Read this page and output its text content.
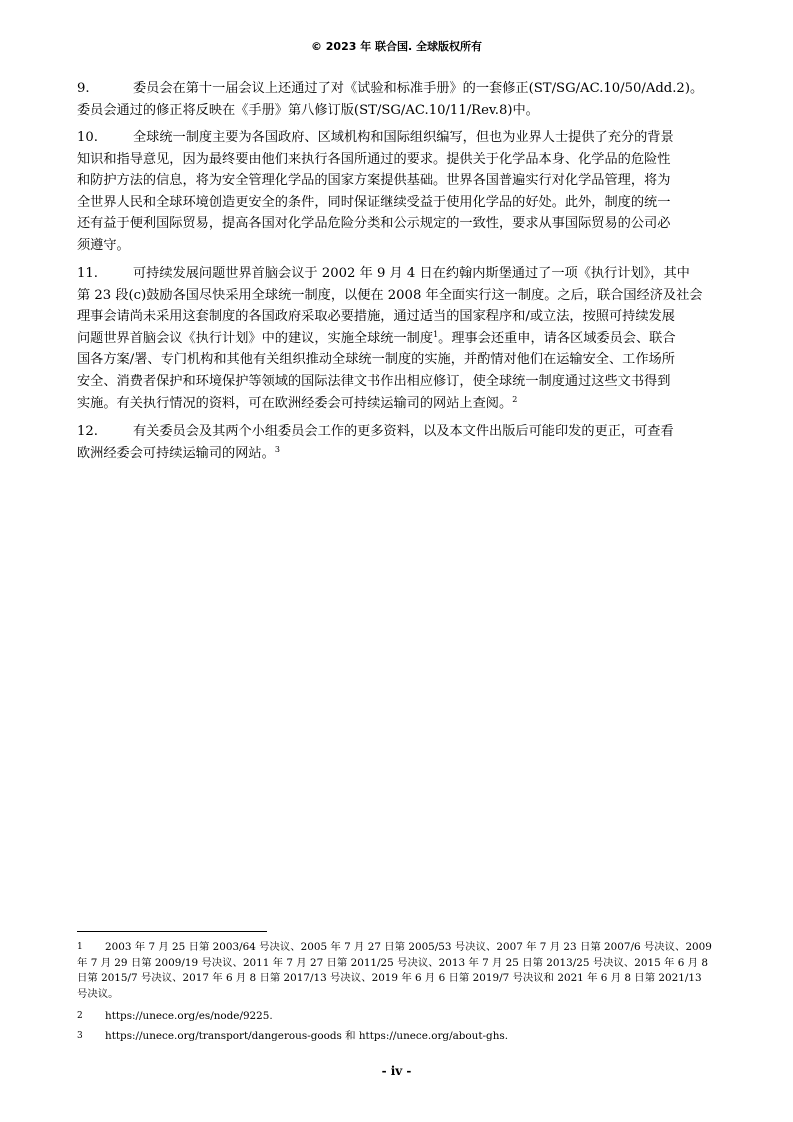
© 2023 年 联合国. 全球版权所有
9.	委员会在第十一届会议上还通过了对《试验和标准手册》的一套修正(ST/SG/AC.10/50/Add.2)。
委员会通过的修正将反映在《手册》第八修订版(ST/SG/AC.10/11/Rev.8)中。
10.	全球统一制度主要为各国政府、区域机构和国际组织编写，但也为业界人士提供了充分的背景
知识和指导意见，因为最终要由他们来执行各国所通过的要求。提供关于化学品本身、化学品的危险性
和防护方法的信息，将为安全管理化学品的国家方案提供基础。世界各国普遍实行对化学品管理，将为
全世界人民和全球环境创造更安全的条件，同时保证继续受益于使用化学品的好处。此外，制度的统一
还有益于便利国际贸易，提高各国对化学品危险分类和公示规定的一致性，要求从事国际贸易的公司必
须遵守。
11.	可持续发展问题世界首脑会议于 2002 年 9 月 4 日在约翰内斯堡通过了一项《执行计划》，其中
第 23 段(c)鼓励各国尽快采用全球统一制度，以便在 2008 年全面实行这一制度。之后，联合国经济及社会
理事会请尚未采用这套制度的各国政府采取必要措施，通过适当的国家程序和/或立法，按照可持续发展
问题世界首脑会议《执行计划》中的建议，实施全球统一制度$^1$。理事会还重申，请各区域委员会、联合
国各方案/署、专门机构和其他有关组织推动全球统一制度的实施，并酌情对他们在运输安全、工作场所
安全、消费者保护和环境保护等领域的国际法律文书作出相应修订，使全球统一制度通过这些文书得到
实施。有关执行情况的资料，可在欧洲经委会可持续运输司的网站上查阅。$^2$
12.	有关委员会及其两个小组委员会工作的更多资料，以及本文件出版后可能印发的更正，可查看
欧洲经委会可持续运输司的网站。$^3$
1 2003 年 7 月 25 日第 2003/64 号决议、2005 年 7 月 27 日第 2005/53 号决议、2007 年 7 月 23 日第 2007/6 号决议、2009
年 7 月 29 日第 2009/19 号决议、2011 年 7 月 27 日第 2011/25 号决议、2013 年 7 月 25 日第 2013/25 号决议、2015 年 6 月 8
日第 2015/7 号决议、2017 年 6 月 8 日第 2017/13 号决议、2019 年 6 月 6 日第 2019/7 号决议和 2021 年 6 月 8 日第 2021/13
号决议。
2 https://unece.org/es/node/9225.
3 https://unece.org/transport/dangerous-goods 和 https://unece.org/about-ghs.
- iv -
